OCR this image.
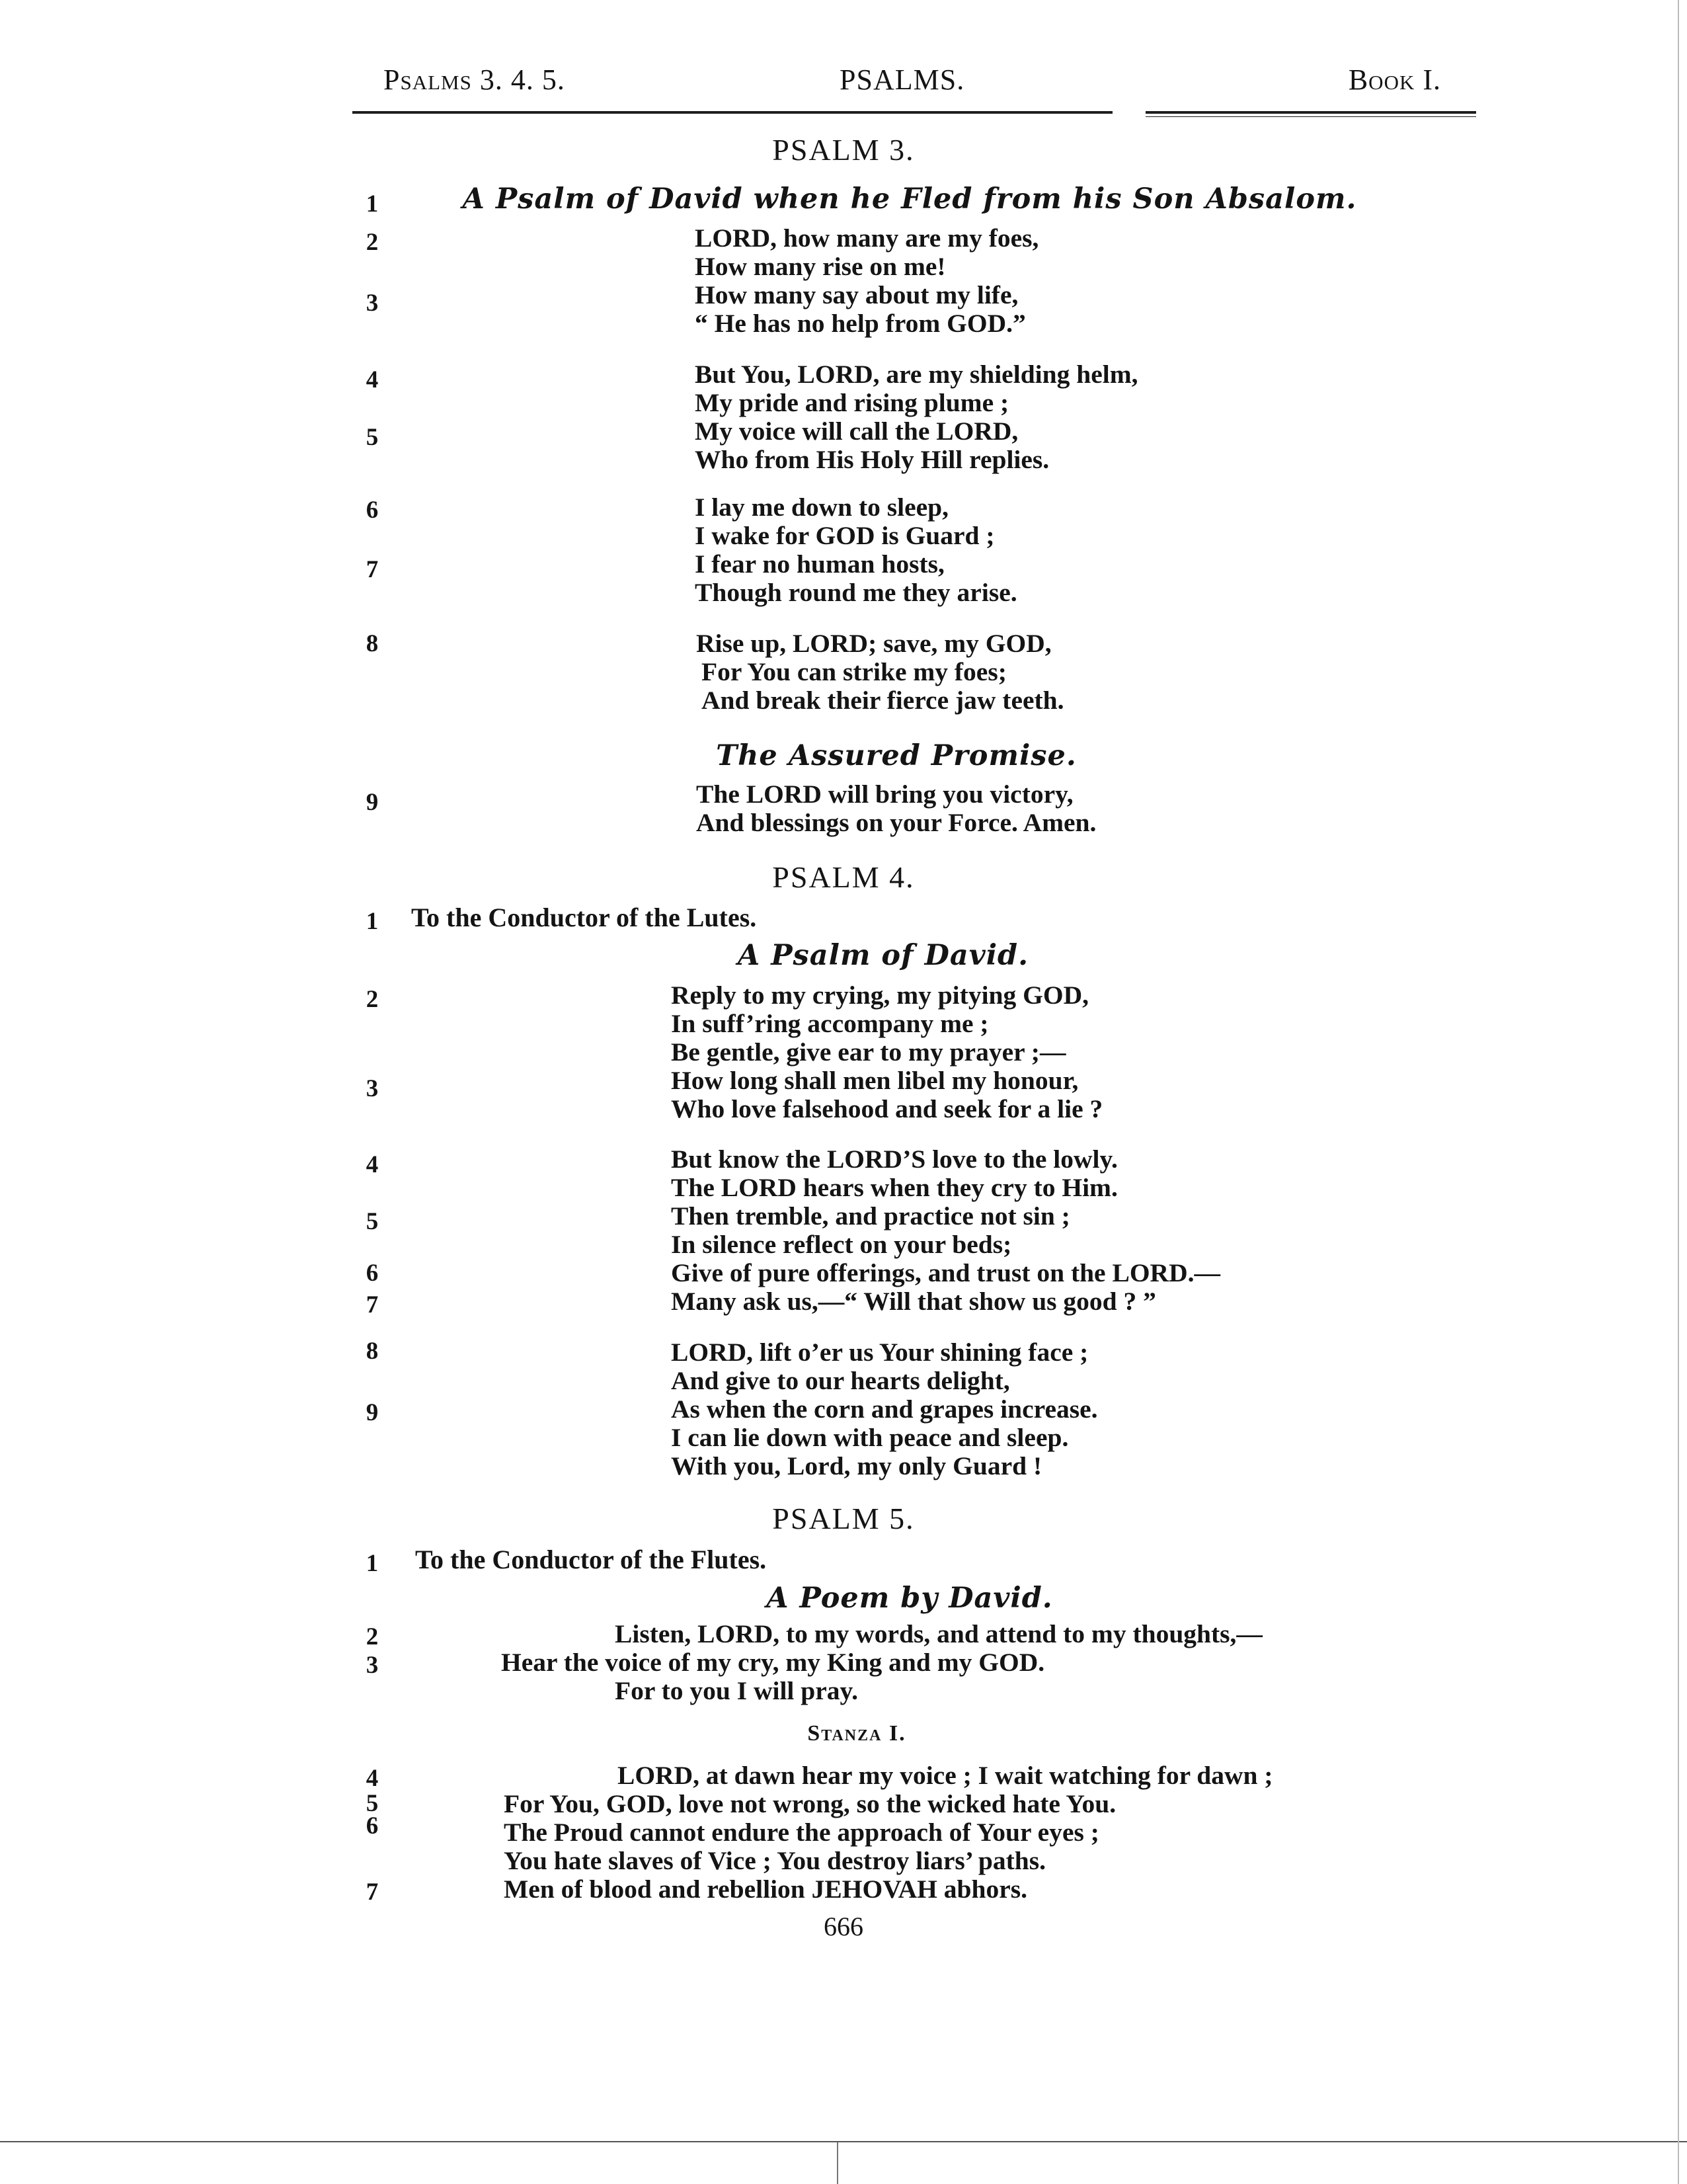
Psalms 3. 4. 5.	PSALMS.	Book I.
PSALM 3.
1	A Psalm of David when he Fled from his Son Absalom.
2
3
4
5
6
7
8
9
LORD, how many are my foes,
How many rise on me!
How many say about my life,
“ He has no help from GOD.”
But You, LORD, are my shielding helm,
My pride and rising plume ;
My voice will call the LORD,
Who from His Holy Hill replies.
I lay me down to sleep,
I wake for GOD is Guard ;
I fear no human hosts,
Though round me they arise.
Rise up, LORD; save, my GOD,
For You can strike my foes;
And break their fierce jaw teeth.
The Assured Promise.
The LORD will bring you victory,
And blessings on your Force. Amen.
PSALM 4.
1 To the Conductor of the Lutes.
A Psalm of David.
2
3
4
5
6
7
8
9
Reply to my crying, my pitying GOD,
In suff’ring accompany me ;
Be gentle, give ear to my prayer ;—
How long shall men libel my honour,
Who love falsehood and seek for a lie ?
But know the LORD’S love to the lowly.
The LORD hears when they cry to Him.
Then tremble, and practice not sin ;
In silence reflect on your beds;
Give of pure offerings, and trust on the LORD.—
Many ask us,—“ Will that show us good ? ”
LORD, lift o’er us Your shining face ;
And give to our hearts delight,
As when the corn and grapes increase.
I can lie down with peace and sleep.
With you, Lord, my only Guard !
PSALM 5.
1 To the Conductor of the Flutes.
A Poem by David.
2
3
Listen, LORD, to my words, and attend to my thoughts,—
Hear the voice of my cry, my King and my GOD.
For to you I will pray.
Stanza I.
4
5
6
7
LORD, at dawn hear my voice ; I wait watching for dawn ;
For You, GOD, love not wrong, so the wicked hate You.
The Proud cannot endure the approach of Your eyes ;
You hate slaves of Vice ; You destroy liars’ paths.
Men of blood and rebellion JEHOVAH abhors.
666
